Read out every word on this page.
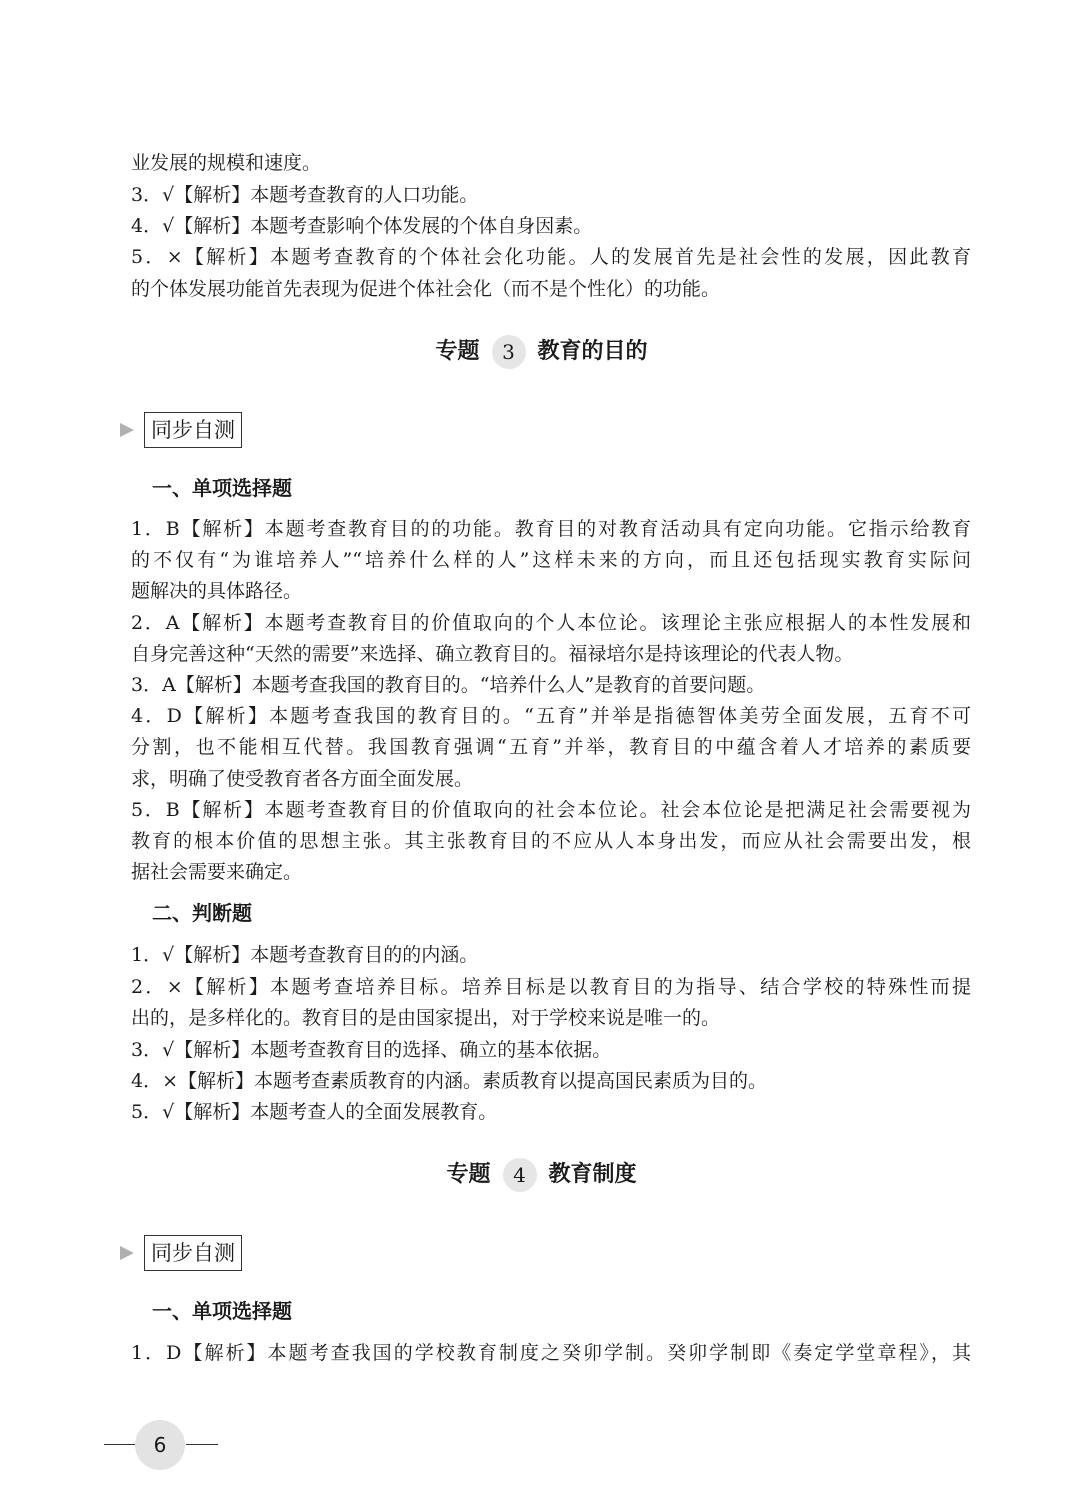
业发展的规模和速度。
3．√【解析】本题考查教育的人口功能。
4．√【解析】本题考查影响个体发展的个体自身因素。
5．×【解析】本题考查教育的个体社会化功能。人的发展首先是社会性的发展，因此教育
的个体发展功能首先表现为促进个体社会化（而不是个性化）的功能。
专题 3 教育的目的
同步自测
一、单项选择题
1．B【解析】本题考查教育目的的功能。教育目的对教育活动具有定向功能。它指示给教育
的不仅有“为谁培养人”“培养什么样的人”这样未来的方向，而且还包括现实教育实际问
题解决的具体路径。
2．A【解析】本题考查教育目的价值取向的个人本位论。该理论主张应根据人的本性发展和
自身完善这种“天然的需要”来选择、确立教育目的。福禄培尔是持该理论的代表人物。
3．A【解析】本题考查我国的教育目的。“培养什么人”是教育的首要问题。
4．D【解析】本题考查我国的教育目的。“五育”并举是指德智体美劳全面发展，五育不可
分割，也不能相互代替。我国教育强调“五育”并举，教育目的中蕴含着人才培养的素质要
求，明确了使受教育者各方面全面发展。
5．B【解析】本题考查教育目的价值取向的社会本位论。社会本位论是把满足社会需要视为
教育的根本价值的思想主张。其主张教育目的不应从人本身出发，而应从社会需要出发，根
据社会需要来确定。
二、判断题
1．√【解析】本题考查教育目的的内涵。
2．×【解析】本题考查培养目标。培养目标是以教育目的为指导、结合学校的特殊性而提
出的，是多样化的。教育目的是由国家提出，对于学校来说是唯一的。
3．√【解析】本题考查教育目的选择、确立的基本依据。
4．×【解析】本题考查素质教育的内涵。素质教育以提高国民素质为目的。
5．√【解析】本题考查人的全面发展教育。
专题 4 教育制度
同步自测
一、单项选择题
1．D【解析】本题考查我国的学校教育制度之癸卯学制。癸卯学制即《奏定学堂章程》，其
6
